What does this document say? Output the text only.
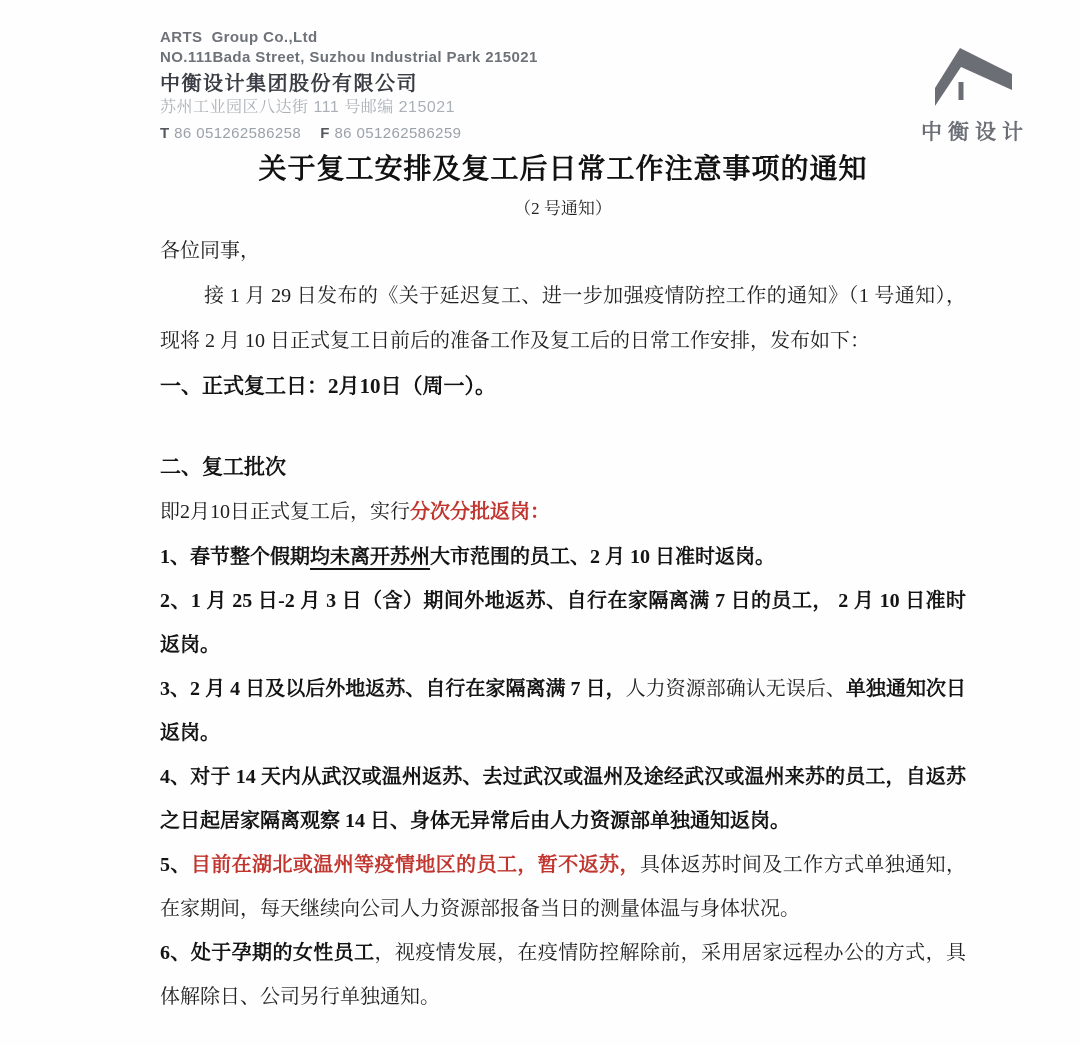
ARTS  Group Co.,Ltd
NO.111Bada Street, Suzhou Industrial Park 215021
中衡设计集团股份有限公司
苏州工业园区八达街 111 号邮编 215021
T 86 051262586258 F 86 051262586259	中衡设计
关于复工安排及复工后日常工作注意事项的通知
（2 号通知）

各位同事，

接 1 月 29 日发布的《关于延迟复工、进一步加强疫情防控工作的通知》（1 号通知），现将 2 月 10 日正式复工日前后的准备工作及复工后的日常工作安排，发布如下：

一、正式复工日：2月10日（周一）。

二、复工批次

即2月10日正式复工后，实行分次分批返岗：

1、春节整个假期均未离开苏州大市范围的员工、2 月 10 日准时返岗。

2、1 月 25 日-2 月 3 日（含）期间外地返苏、自行在家隔离满 7 日的员工， 2 月 10 日准时返岗。

3、2 月 4 日及以后外地返苏、自行在家隔离满 7 日，人力资源部确认无误后、单独通知次日返岗。

4、对于 14 天内从武汉或温州返苏、去过武汉或温州及途经武汉或温州来苏的员工，自返苏之日起居家隔离观察 14 日、身体无异常后由人力资源部单独通知返岗。

5、目前在湖北或温州等疫情地区的员工，暂不返苏，具体返苏时间及工作方式单独通知，在家期间，每天继续向公司人力资源部报备当日的测量体温与身体状况。

6、处于孕期的女性员工，视疫情发展，在疫情防控解除前，采用居家远程办公的方式，具体解除日、公司另行单独通知。
